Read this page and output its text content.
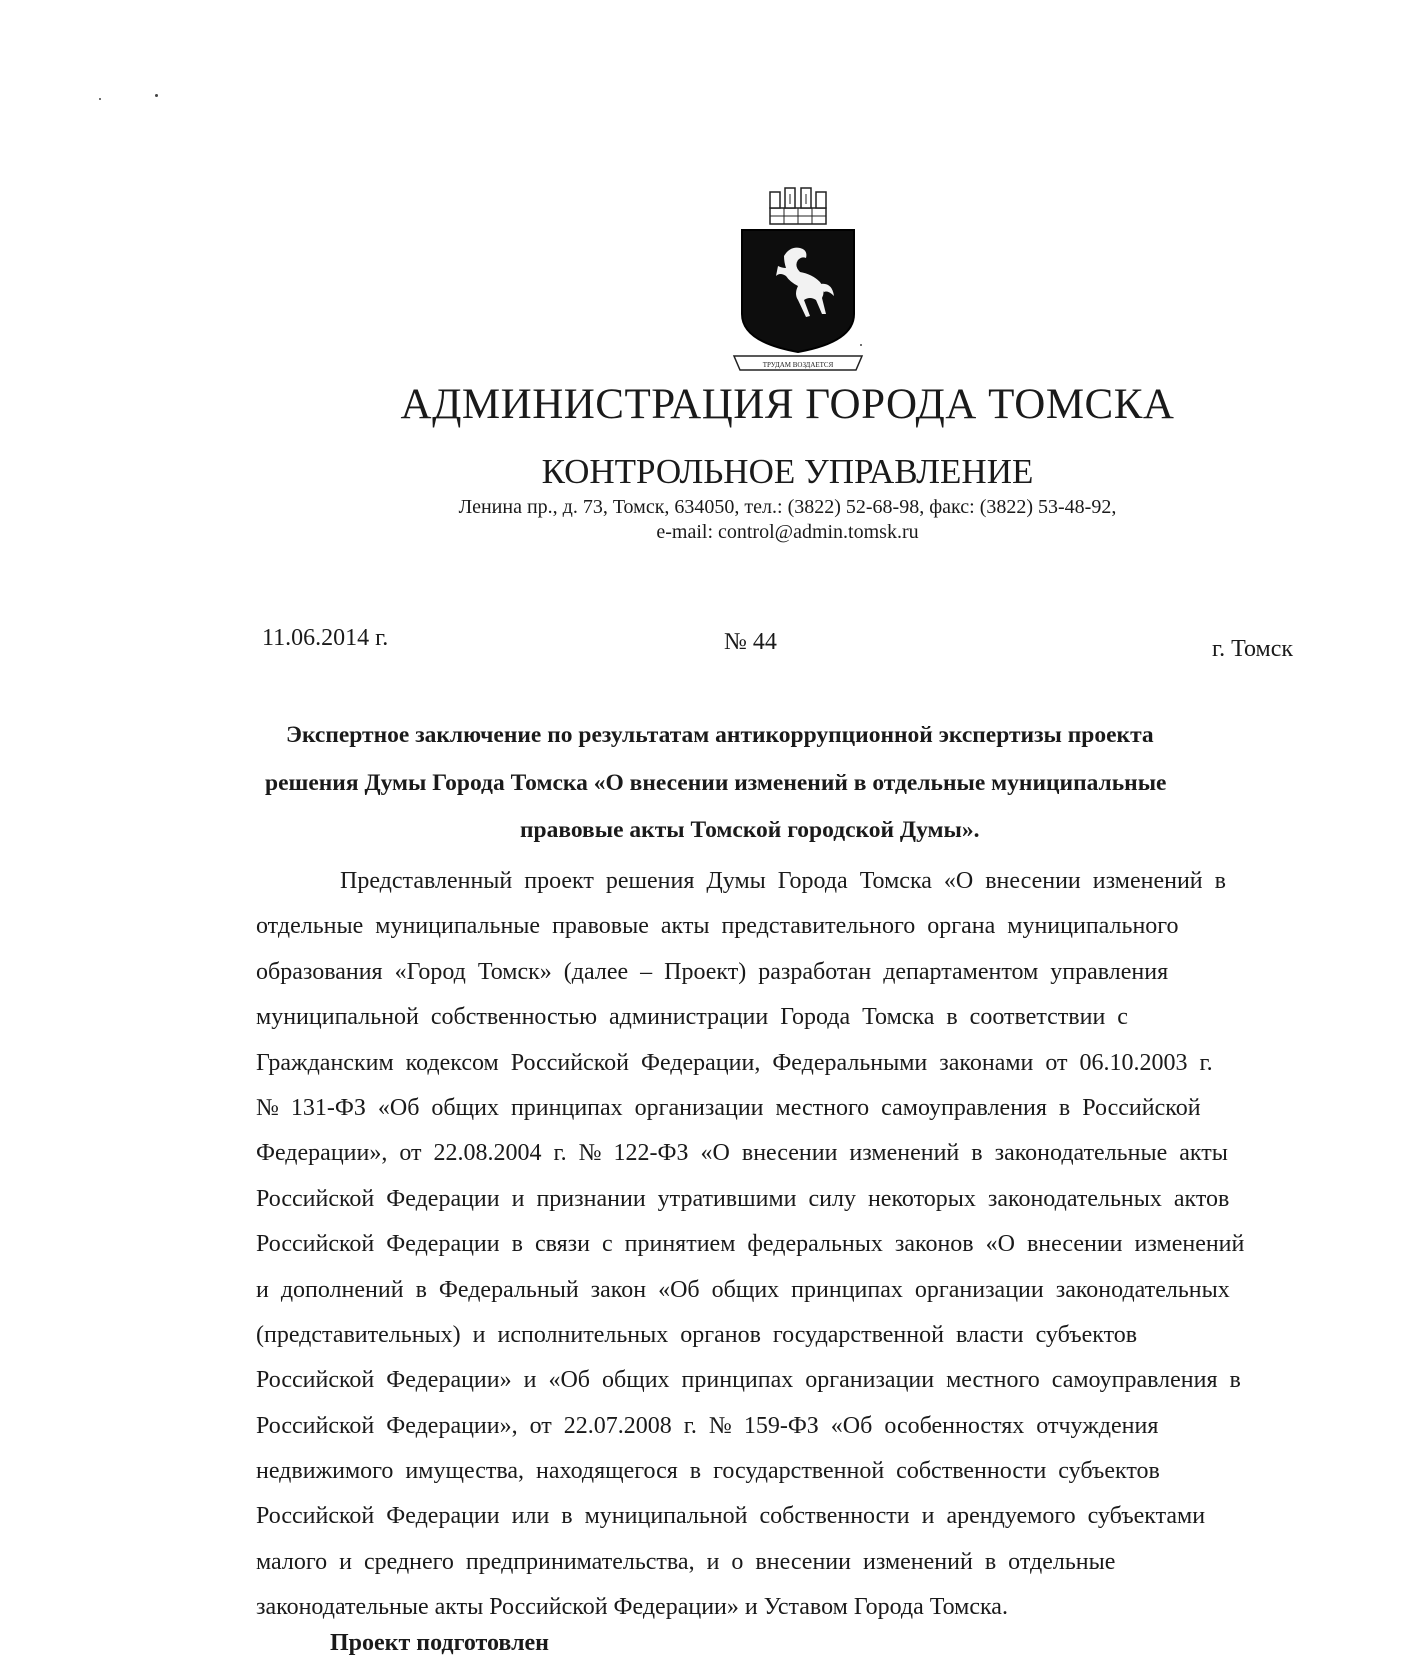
ТРУДАМ ВОЗДАЕТСЯ
АДМИНИСТРАЦИЯ ГОРОДА ТОМСКА
КОНТРОЛЬНОЕ УПРАВЛЕНИЕ
Ленина пр., д. 73, Томск, 634050, тел.: (3822) 52-68-98, факс: (3822) 53-48-92,
e-mail: control@admin.tomsk.ru
11.06.2014 г.	№ 44	г. Томск
Экспертное заключение по результатам антикоррупционной экспертизы проекта
решения Думы Города Томска «О внесении изменений в отдельные муниципальные
правовые акты Томской городской Думы».
Представленный проект решения Думы Города Томска «О внесении изменений в
отдельные муниципальные правовые акты представительного органа муниципального
образования «Город Томск» (далее – Проект) разработан департаментом управления
муниципальной собственностью администрации Города Томска в соответствии с
Гражданским кодексом Российской Федерации, Федеральными законами от 06.10.2003 г.
№ 131-ФЗ «Об общих принципах организации местного самоуправления в Российской
Федерации», от 22.08.2004 г. № 122-ФЗ «О внесении изменений в законодательные акты
Российской Федерации и признании утратившими силу некоторых законодательных актов
Российской Федерации в связи с принятием федеральных законов «О внесении изменений
и дополнений в Федеральный закон «Об общих принципах организации законодательных
(представительных) и исполнительных органов государственной власти субъектов
Российской Федерации» и «Об общих принципах организации местного самоуправления в
Российской Федерации», от 22.07.2008 г. № 159-ФЗ «Об особенностях отчуждения
недвижимого имущества, находящегося в государственной собственности субъектов
Российской Федерации или в муниципальной собственности и арендуемого субъектами
малого и среднего предпринимательства, и о внесении изменений в отдельные
законодательные акты Российской Федерации» и Уставом Города Томска.
Проект подготовлен
